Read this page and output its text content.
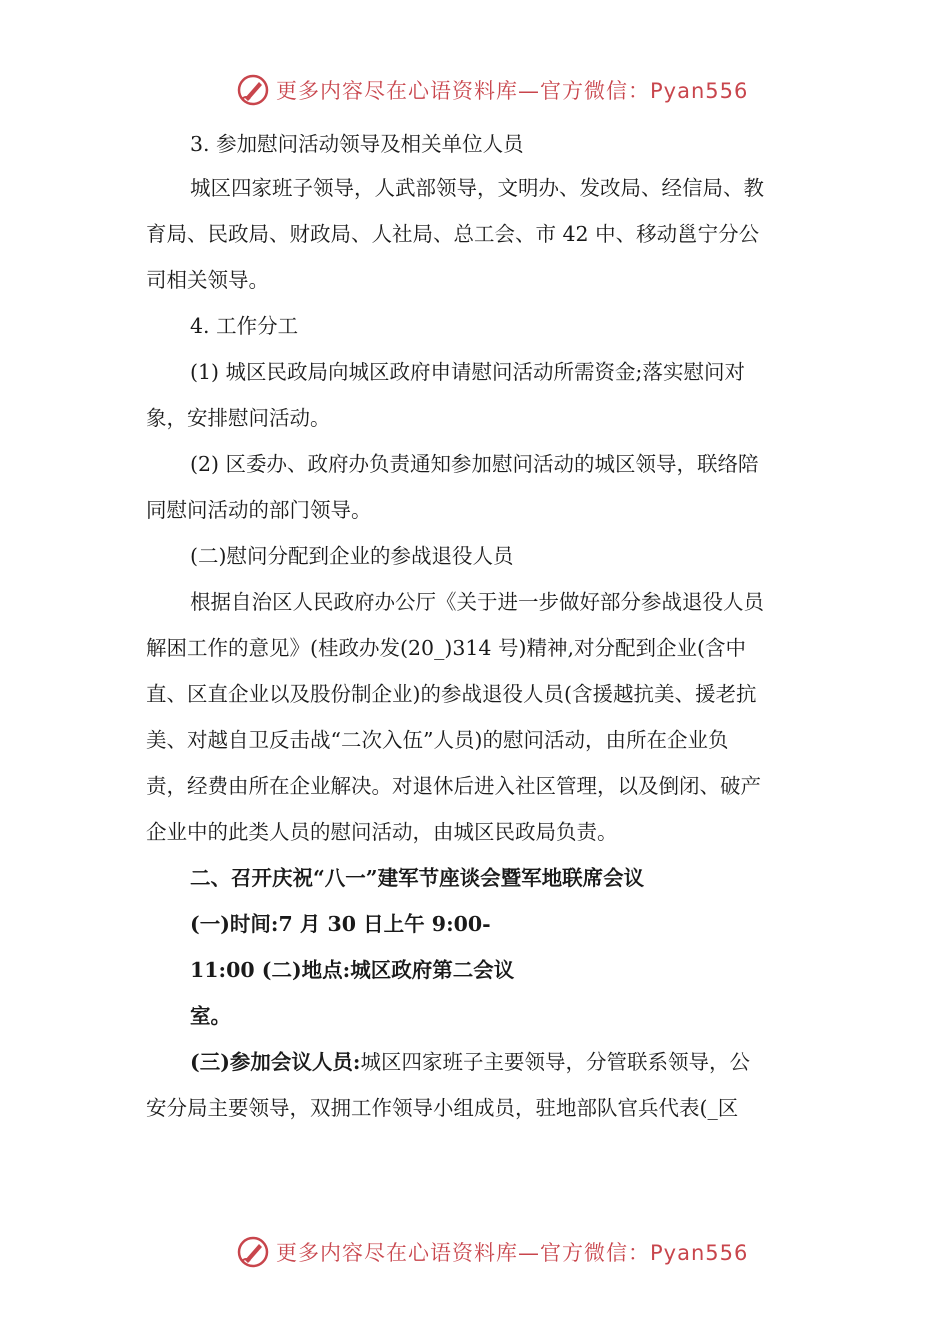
更多内容尽在心语资料库—官方微信：Pyan556
3. 参加慰问活动领导及相关单位人员
城区四家班子领导，人武部领导，文明办、发改局、经信局、教
育局、民政局、财政局、人社局、总工会、市 42 中、移动邕宁分公
司相关领导。
4. 工作分工
(1) 城区民政局向城区政府申请慰问活动所需资金;落实慰问对
象，安排慰问活动。
(2) 区委办、政府办负责通知参加慰问活动的城区领导，联络陪
同慰问活动的部门领导。
(二)慰问分配到企业的参战退役人员
根据自治区人民政府办公厅《关于进一步做好部分参战退役人员
解困工作的意见》(桂政办发(20_)314 号)精神,对分配到企业(含中
直、区直企业以及股份制企业)的参战退役人员(含援越抗美、援老抗
美、对越自卫反击战“二次入伍”人员)的慰问活动，由所在企业负
责，经费由所在企业解决。对退休后进入社区管理，以及倒闭、破产
企业中的此类人员的慰问活动，由城区民政局负责。
二、召开庆祝“八一”建军节座谈会暨军地联席会议
(一)时间:7 月 30 日上午 9:00-
11:00 (二)地点:城区政府第二会议
室。
(三)参加会议人员:城区四家班子主要领导，分管联系领导，公
安分局主要领导，双拥工作领导小组成员，驻地部队官兵代表(_区
更多内容尽在心语资料库—官方微信：Pyan556
